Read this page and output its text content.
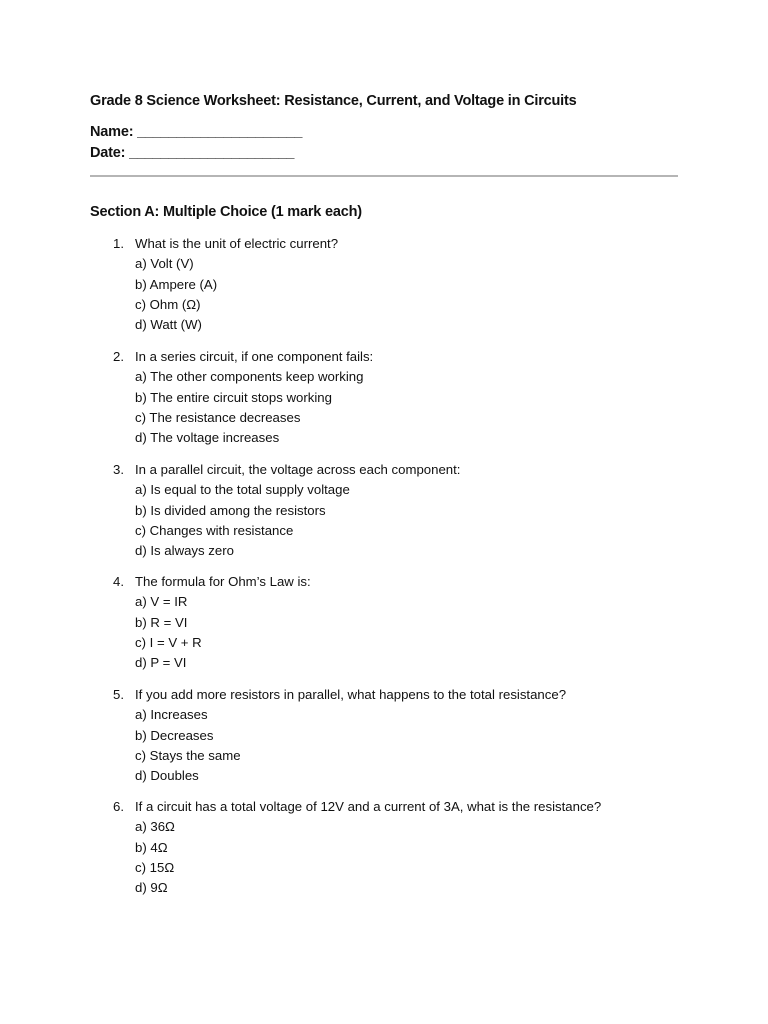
Grade 8 Science Worksheet: Resistance, Current, and Voltage in Circuits
Name: _____________________
Date: _____________________
Section A: Multiple Choice (1 mark each)
1. What is the unit of electric current?
a) Volt (V)
b) Ampere (A)
c) Ohm (Ω)
d) Watt (W)
2. In a series circuit, if one component fails:
a) The other components keep working
b) The entire circuit stops working
c) The resistance decreases
d) The voltage increases
3. In a parallel circuit, the voltage across each component:
a) Is equal to the total supply voltage
b) Is divided among the resistors
c) Changes with resistance
d) Is always zero
4. The formula for Ohm’s Law is:
a) V = IR
b) R = VI
c) I = V + R
d) P = VI
5. If you add more resistors in parallel, what happens to the total resistance?
a) Increases
b) Decreases
c) Stays the same
d) Doubles
6. If a circuit has a total voltage of 12V and a current of 3A, what is the resistance?
a) 36Ω
b) 4Ω
c) 15Ω
d) 9Ω
